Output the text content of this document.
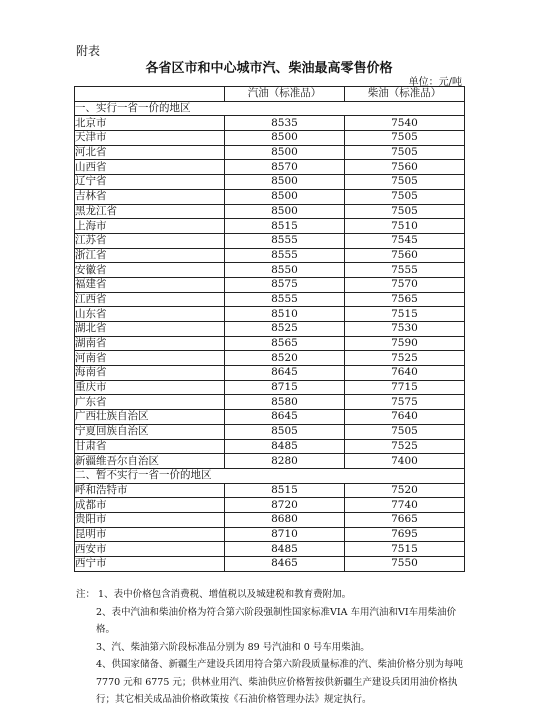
附表
各省区市和中心城市汽、柴油最高零售价格
单位：元/吨
	汽油（标准品）	柴油（标准品）
一、实行一省一价的地区		
北京市	8535	7540
天津市	8500	7505
河北省	8500	7505
山西省	8570	7560
辽宁省	8500	7505
吉林省	8500	7505
黑龙江省	8500	7505
上海市	8515	7510
江苏省	8555	7545
浙江省	8555	7560
安徽省	8550	7555
福建省	8575	7570
江西省	8555	7565
山东省	8510	7515
湖北省	8525	7530
湖南省	8565	7590
河南省	8520	7525
海南省	8645	7640
重庆市	8715	7715
广东省	8580	7575
广西壮族自治区	8645	7640
宁夏回族自治区	8505	7505
甘肃省	8485	7525
新疆维吾尔自治区	8280	7400
二、暂不实行一省一价的地区		
呼和浩特市	8515	7520
成都市	8720	7740
贵阳市	8680	7665
昆明市	8710	7695
西安市	8485	7515
西宁市	8465	7550

注： 1、表中价格包含消费税、增值税以及城建税和教育费附加。

2、表中汽油和柴油价格为符合第六阶段强制性国家标准VIA 车用汽油和VI车用柴油价格。

3、汽、柴油第六阶段标准品分别为 89 号汽油和 0 号车用柴油。

4、供国家储备、新疆生产建设兵团用符合第六阶段质量标准的汽、柴油价格分别为每吨 7770 元和 6775 元；供林业用汽、柴油供应价格暂按供新疆生产建设兵团用油价格执行；其它相关成品油价格政策按《石油价格管理办法》规定执行。
